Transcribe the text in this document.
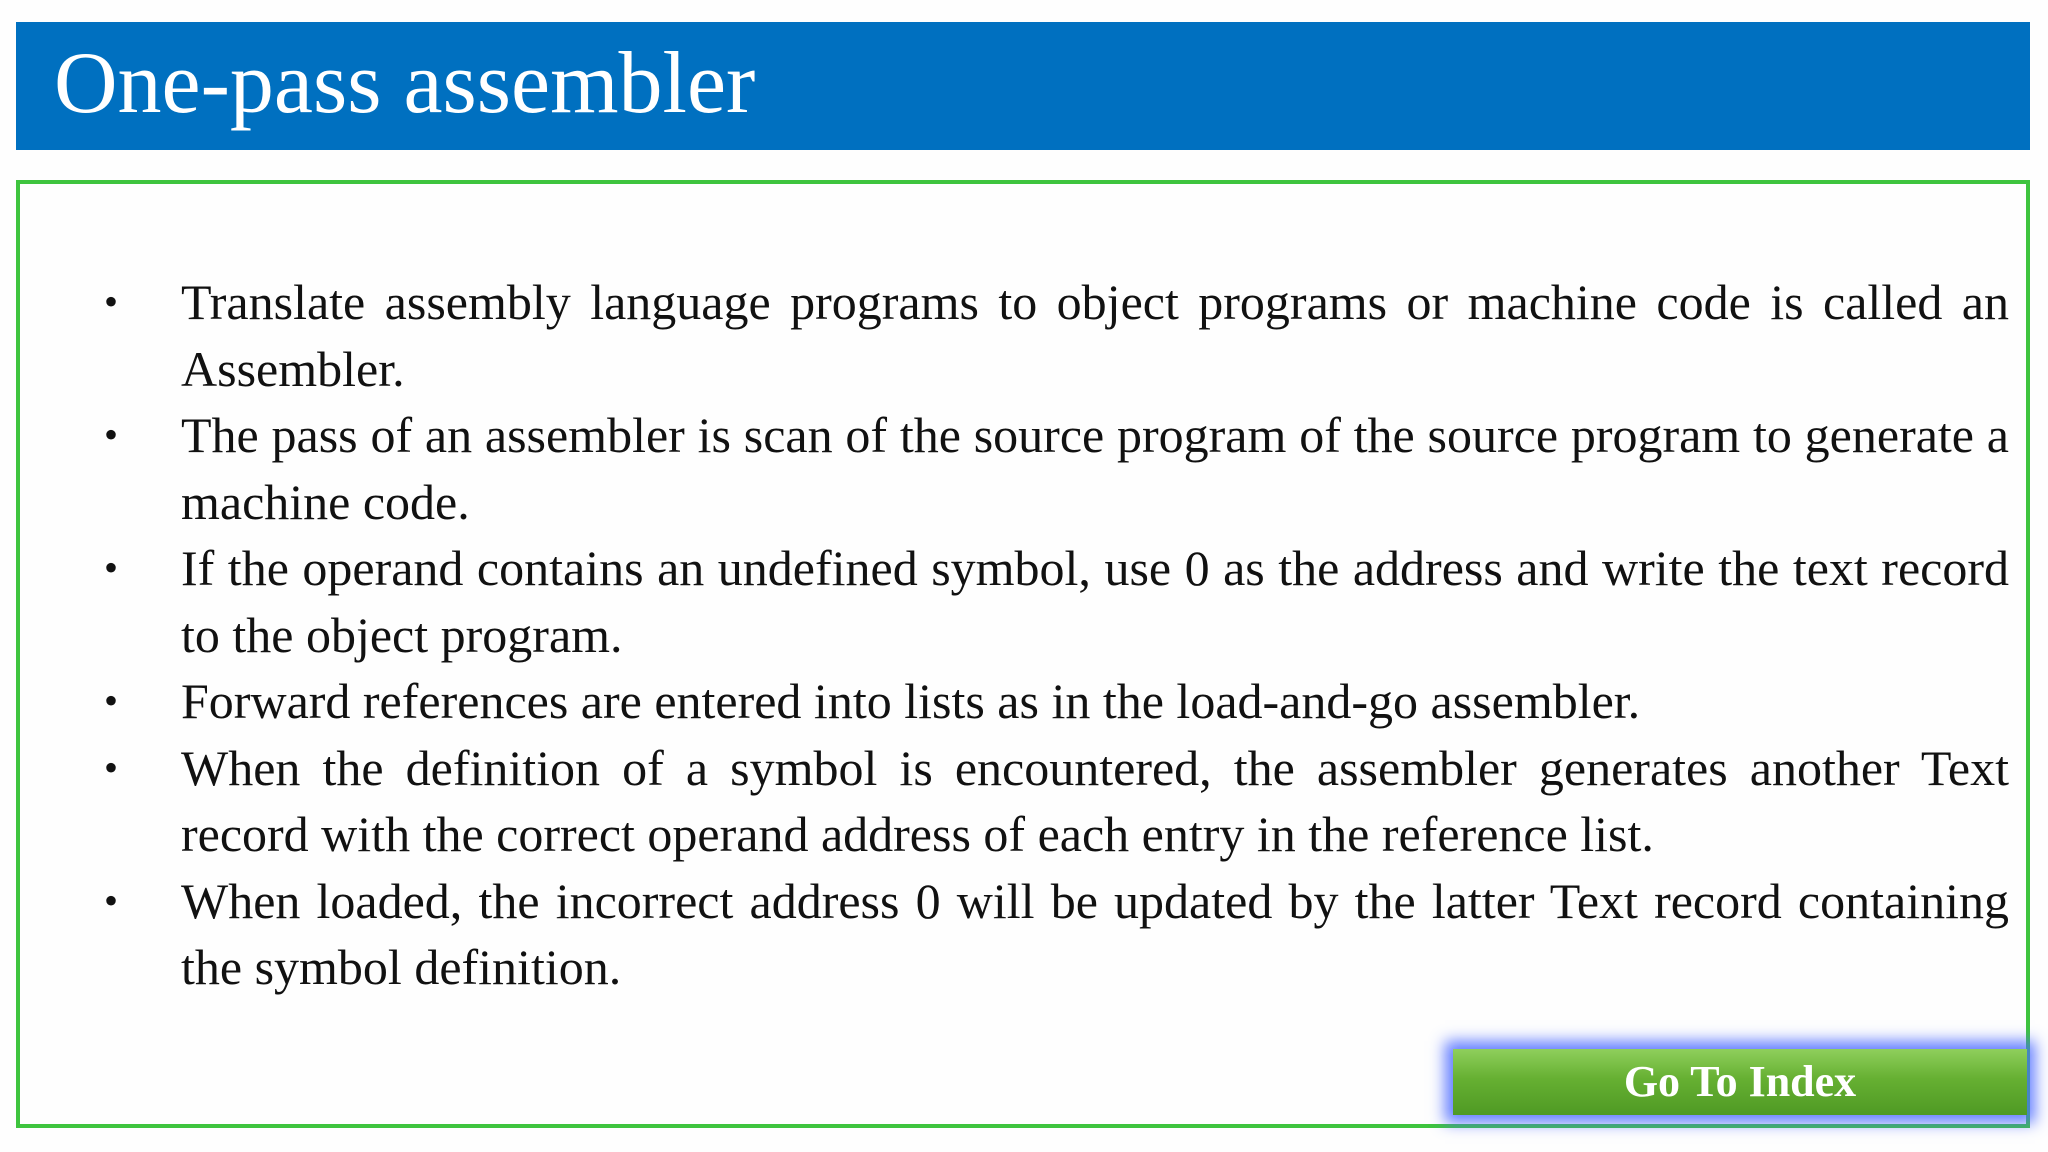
One-pass assembler
• Translate assembly language programs to object programs or machine code is called an Assembler.
• The pass of an assembler is scan of the source program of the source program to generate a machine code.
• If the operand contains an undefined symbol, use 0 as the address and write the text record to the object program.
• Forward references are entered into lists as in the load-and-go assembler.
• When the definition of a symbol is encountered, the assembler generates another Text record with the correct operand address of each entry in the reference list.
• When loaded, the incorrect address 0 will be updated by the latter Text record containing the symbol definition.
Go To Index
